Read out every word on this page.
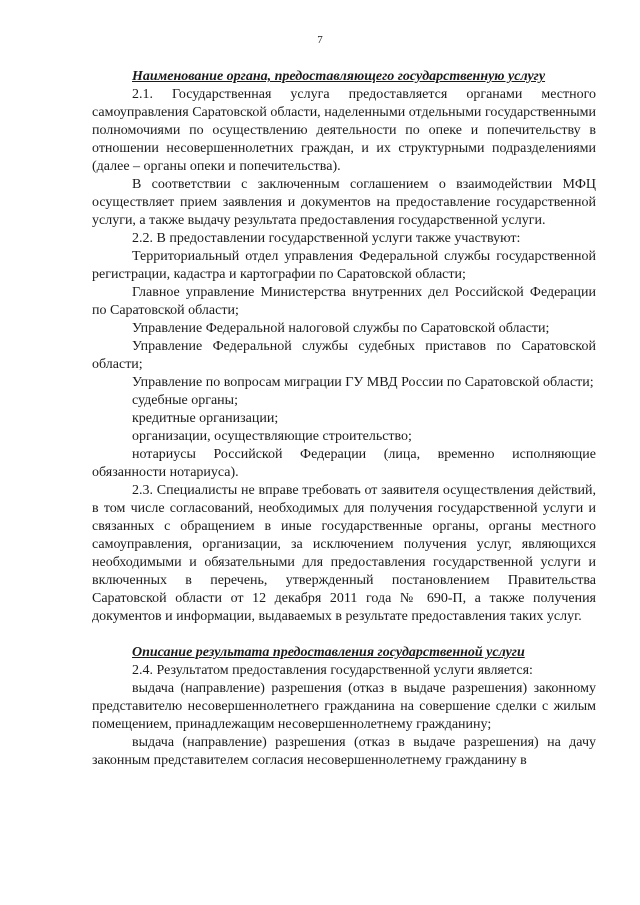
7

Наименование органа, предоставляющего государственную услугу

2.1. Государственная услуга предоставляется органами местного самоуправления Саратовской области, наделенными отдельными государственными полномочиями по осуществлению деятельности по опеке и попечительству в отношении несовершеннолетних граждан, и их структурными подразделениями (далее – органы опеки и попечительства).

В соответствии с заключенным соглашением о взаимодействии МФЦ осуществляет прием заявления и документов на предоставление государственной услуги, а также выдачу результата предоставления государственной услуги.

2.2. В предоставлении государственной услуги также участвуют:

Территориальный отдел управления Федеральной службы государственной регистрации, кадастра и картографии по Саратовской области;

Главное управление Министерства внутренних дел Российской Федерации по Саратовской области;

Управление Федеральной налоговой службы по Саратовской области;

Управление Федеральной службы судебных приставов по Саратовской области;

Управление по вопросам миграции ГУ МВД России по Саратовской области;

судебные органы;

кредитные организации;

организации, осуществляющие строительство;

нотариусы Российской Федерации (лица, временно исполняющие обязанности нотариуса).

2.3. Специалисты не вправе требовать от заявителя осуществления действий, в том числе согласований, необходимых для получения государственной услуги и связанных с обращением в иные государственные органы, органы местного самоуправления, организации, за исключением получения услуг, являющихся необходимыми и обязательными для предоставления государственной услуги и включенных в перечень, утвержденный постановлением Правительства Саратовской области от 12 декабря 2011 года № 690-П, а также получения документов и информации, выдаваемых в результате предоставления таких услуг.

Описание результата предоставления государственной услуги

2.4. Результатом предоставления государственной услуги является:

выдача (направление) разрешения (отказ в выдаче разрешения) законному представителю несовершеннолетнего гражданина на совершение сделки с жилым помещением, принадлежащим несовершеннолетнему гражданину;

выдача (направление) разрешения (отказ в выдаче разрешения) на дачу законным представителем согласия несовершеннолетнему гражданину в
